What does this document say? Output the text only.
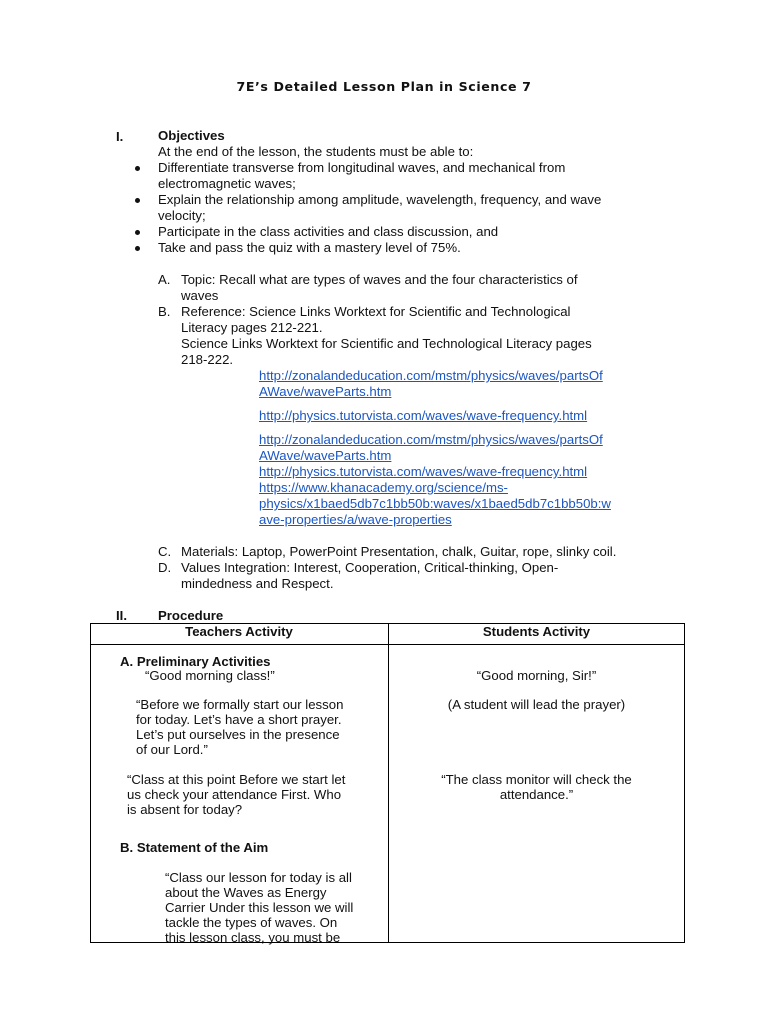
7E’s Detailed Lesson Plan in Science 7
I.	Objectives
At the end of the lesson, the students must be able to:
Differentiate transverse from longitudinal waves, and mechanical from
electromagnetic waves;
Explain the relationship among amplitude, wavelength, frequency, and wave
velocity;
Participate in the class activities and class discussion, and
Take and pass the quiz with a mastery level of 75%.
A. Topic: Recall what are types of waves and the four characteristics of
waves
B. Reference: Science Links Worktext for Scientific and Technological
Literacy pages 212-221.
Science Links Worktext for Scientific and Technological Literacy pages
218-222.
http://zonalandeducation.com/mstm/physics/waves/partsOf
AWave/waveParts.htm
http://physics.tutorvista.com/waves/wave-frequency.html
http://zonalandeducation.com/mstm/physics/waves/partsOf
AWave/waveParts.htm
http://physics.tutorvista.com/waves/wave-frequency.html
https://www.khanacademy.org/science/ms-
physics/x1baed5db7c1bb50b:waves/x1baed5db7c1bb50b:w
ave-properties/a/wave-properties
C. Materials: Laptop, PowerPoint Presentation, chalk, Guitar, rope, slinky coil.
D. Values Integration: Interest, Cooperation, Critical-thinking, Open-
mindedness and Respect.
II. Procedure
Teachers Activity	Students Activity
A. Preliminary Activities
“Good morning class!”
“Before we formally start our lesson
for today. Let’s have a short prayer.
Let’s put ourselves in the presence
of our Lord.”
“Class at this point Before we start let
us check your attendance First. Who
is absent for today?
B. Statement of the Aim
“Class our lesson for today is all
about the Waves as Energy
Carrier Under this lesson we will
tackle the types of waves. On
this lesson class, you must be
“Good morning, Sir!”
(A student will lead the prayer)
“The class monitor will check the
attendance.”
